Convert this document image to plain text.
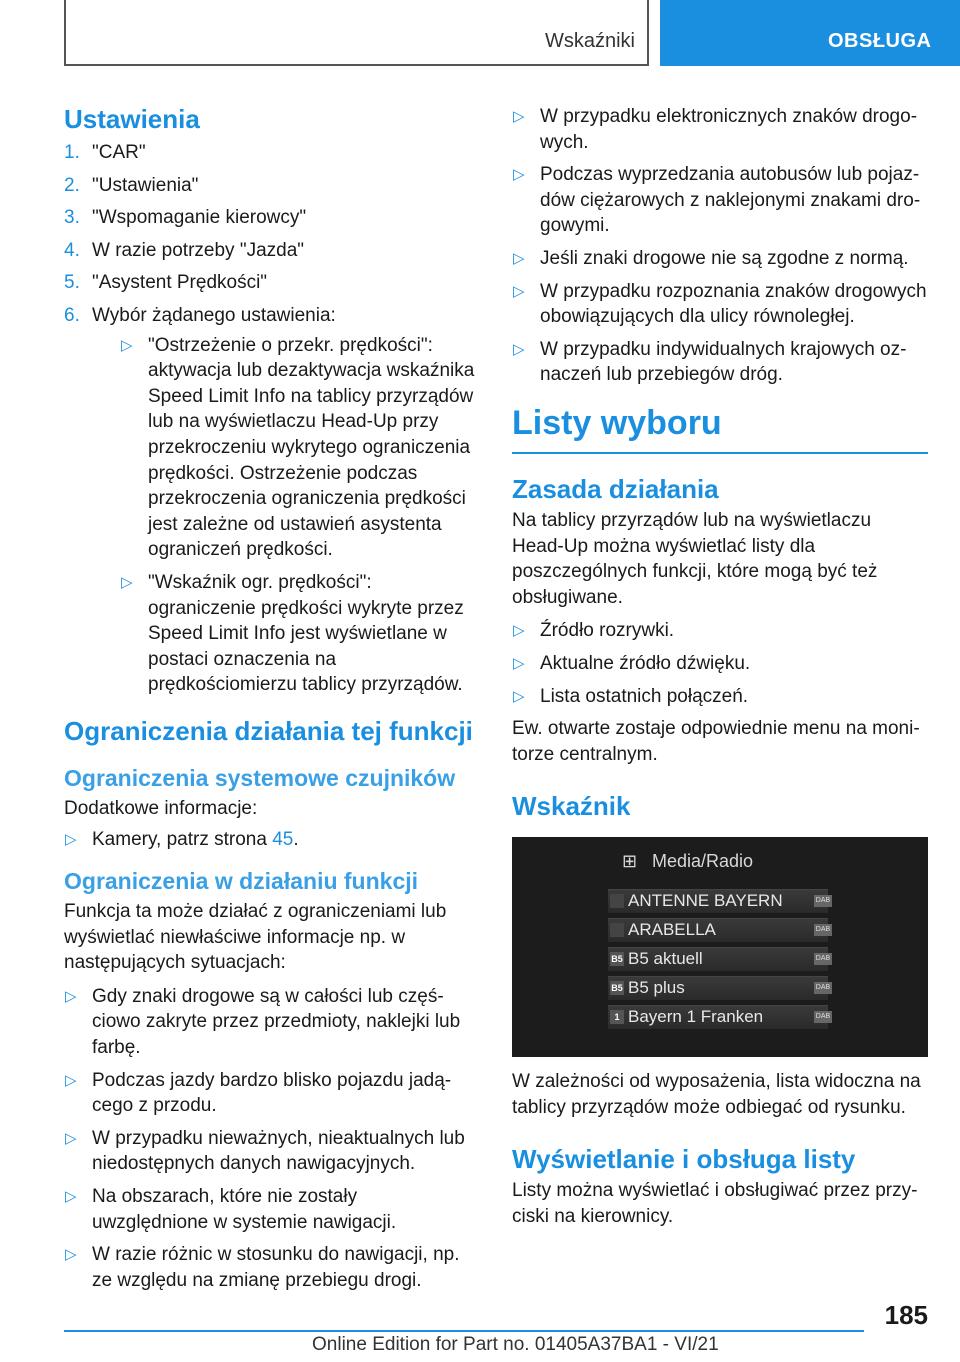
Wskaźniki	OBSŁUGA
Ustawienia
1. "CAR"
2. "Ustawienia"
3. "Wspomaganie kierowcy"
4. W razie potrzeby "Jazda"
5. "Asystent Prędkości"
6. Wybór żądanego ustawienia:
▷ "Ostrzeżenie o przekr. prędkości": aktywacja lub dezaktywacja wskaźnika Speed Limit Info na tablicy przyrządów lub na wyświetlaczu Head-Up przy przekroczeniu wykrytego ograniczenia prędkości. Ostrzeżenie podczas przekroczenia ograniczenia prędkości jest zależne od ustawień asystenta ograniczeń prędkości.
▷ "Wskaźnik ogr. prędkości": ograniczenie prędkości wykryte przez Speed Limit Info jest wyświetlane w postaci oznaczenia na prędkościomierzu tablicy przyrządów.
Ograniczenia działania tej funkcji
Ograniczenia systemowe czujników

Dodatkowe informacje:

▷ Kamery, patrz strona 45.
Ograniczenia w działaniu funkcji

Funkcja ta może działać z ograniczeniami lub wyświetlać niewłaściwe informacje np. w następujących sytuacjach:

▷ Gdy znaki drogowe są w całości lub częściowo zakryte przez przedmioty, naklejki lub farbę.
▷ Podczas jazdy bardzo blisko pojazdu jadącego z przodu.
▷ W przypadku nieważnych, nieaktualnych lub niedostępnych danych nawigacyjnych.
▷ Na obszarach, które nie zostały uwzględnione w systemie nawigacji.
▷ W razie różnic w stosunku do nawigacji, np. ze względu na zmianę przebiegu drogi.
▷ W przypadku elektronicznych znaków drogowych.
▷ Podczas wyprzedzania autobusów lub pojazdów ciężarowych z naklejonymi znakami drogowymi.
▷ Jeśli znaki drogowe nie są zgodne z normą.
▷ W przypadku rozpoznania znaków drogowych obowiązujących dla ulicy równoległej.
▷ W przypadku indywidualnych krajowych oznaczeń lub przebiegów dróg.
Listy wyboru
Zasada działania

Na tablicy przyrządów lub na wyświetlaczu Head-Up można wyświetlać listy dla poszczególnych funkcji, które mogą być też obsługiwane.

▷ Źródło rozrywki.
▷ Aktualne źródło dźwięku.
▷ Lista ostatnich połączeń.

Ew. otwarte zostaje odpowiednie menu na monitorze centralnym.

Wskaźnik
⊞ Media/Radio
ANTENNE BAYERN	DAB
ARABELLA	DAB
B5 B5 aktuell	DAB
B5 B5 plus	DAB
1 Bayern 1 Franken	DAB

W zależności od wyposażenia, lista widoczna na tablicy przyrządów może odbiegać od rysunku.

Wyświetlanie i obsługa listy

Listy można wyświetlać i obsługiwać przez przyciski na kierownicy.

185
Online Edition for Part no. 01405A37BA1 - VI/21
